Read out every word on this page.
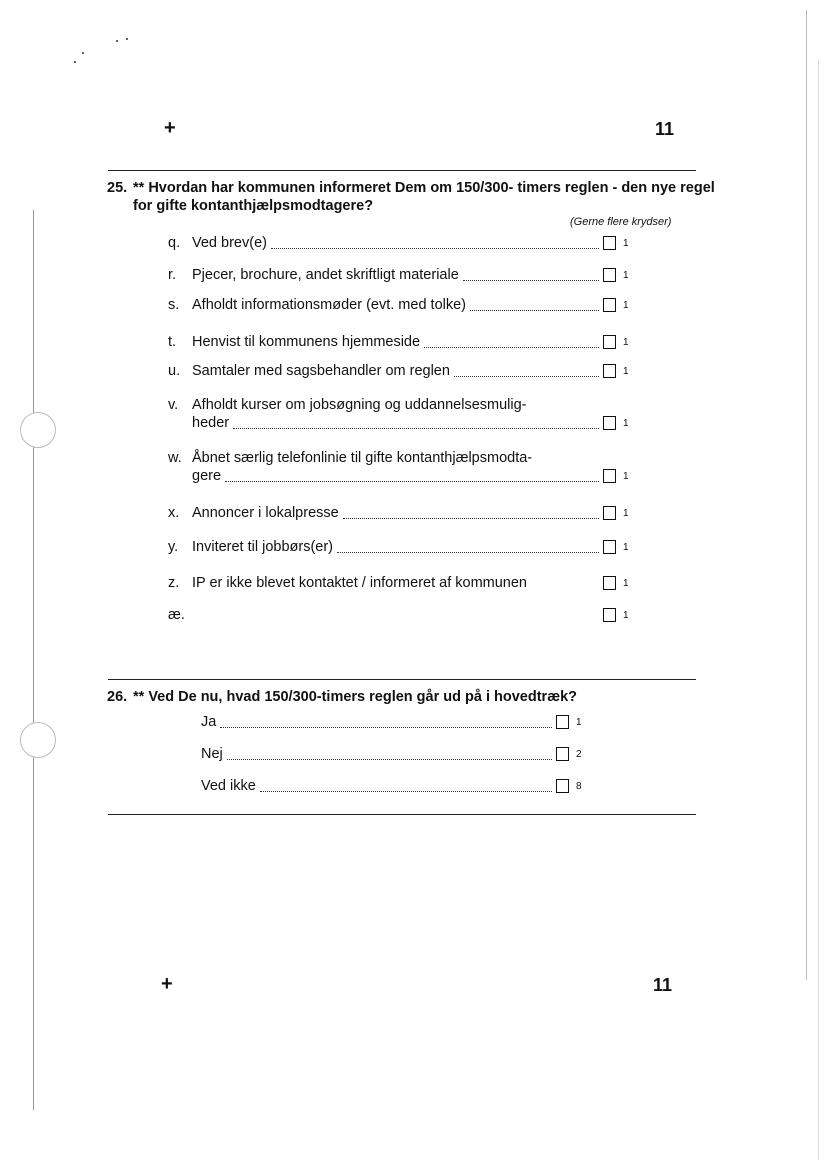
+	11
25. ** Hvordan har kommunen informeret Dem om 150/300- timers reglen - den nye regel
for gifte kontanthjælpsmodtagere?
(Gerne flere krydser)
q. Ved brev(e)	1
r. Pjecer, brochure, andet skriftligt materiale	1
s. Afholdt informationsmøder (evt. med tolke)	1
t. Henvist til kommunens hjemmeside	1
u. Samtaler med sagsbehandler om reglen	1
v. Afholdt kurser om jobsøgning og uddannelsesmulig-
heder	1
w. Åbnet særlig telefonlinie til gifte kontanthjælpsmodta-
gere	1
x. Annoncer i lokalpresse	1
y. Inviteret til jobbørs(er)	1
z. IP er ikke blevet kontaktet / informeret af kommunen	1
æ.	1
26. ** Ved De nu, hvad 150/300-timers reglen går ud på i hovedtræk?
Ja	1
Nej	2
Ved ikke	8
+	11
